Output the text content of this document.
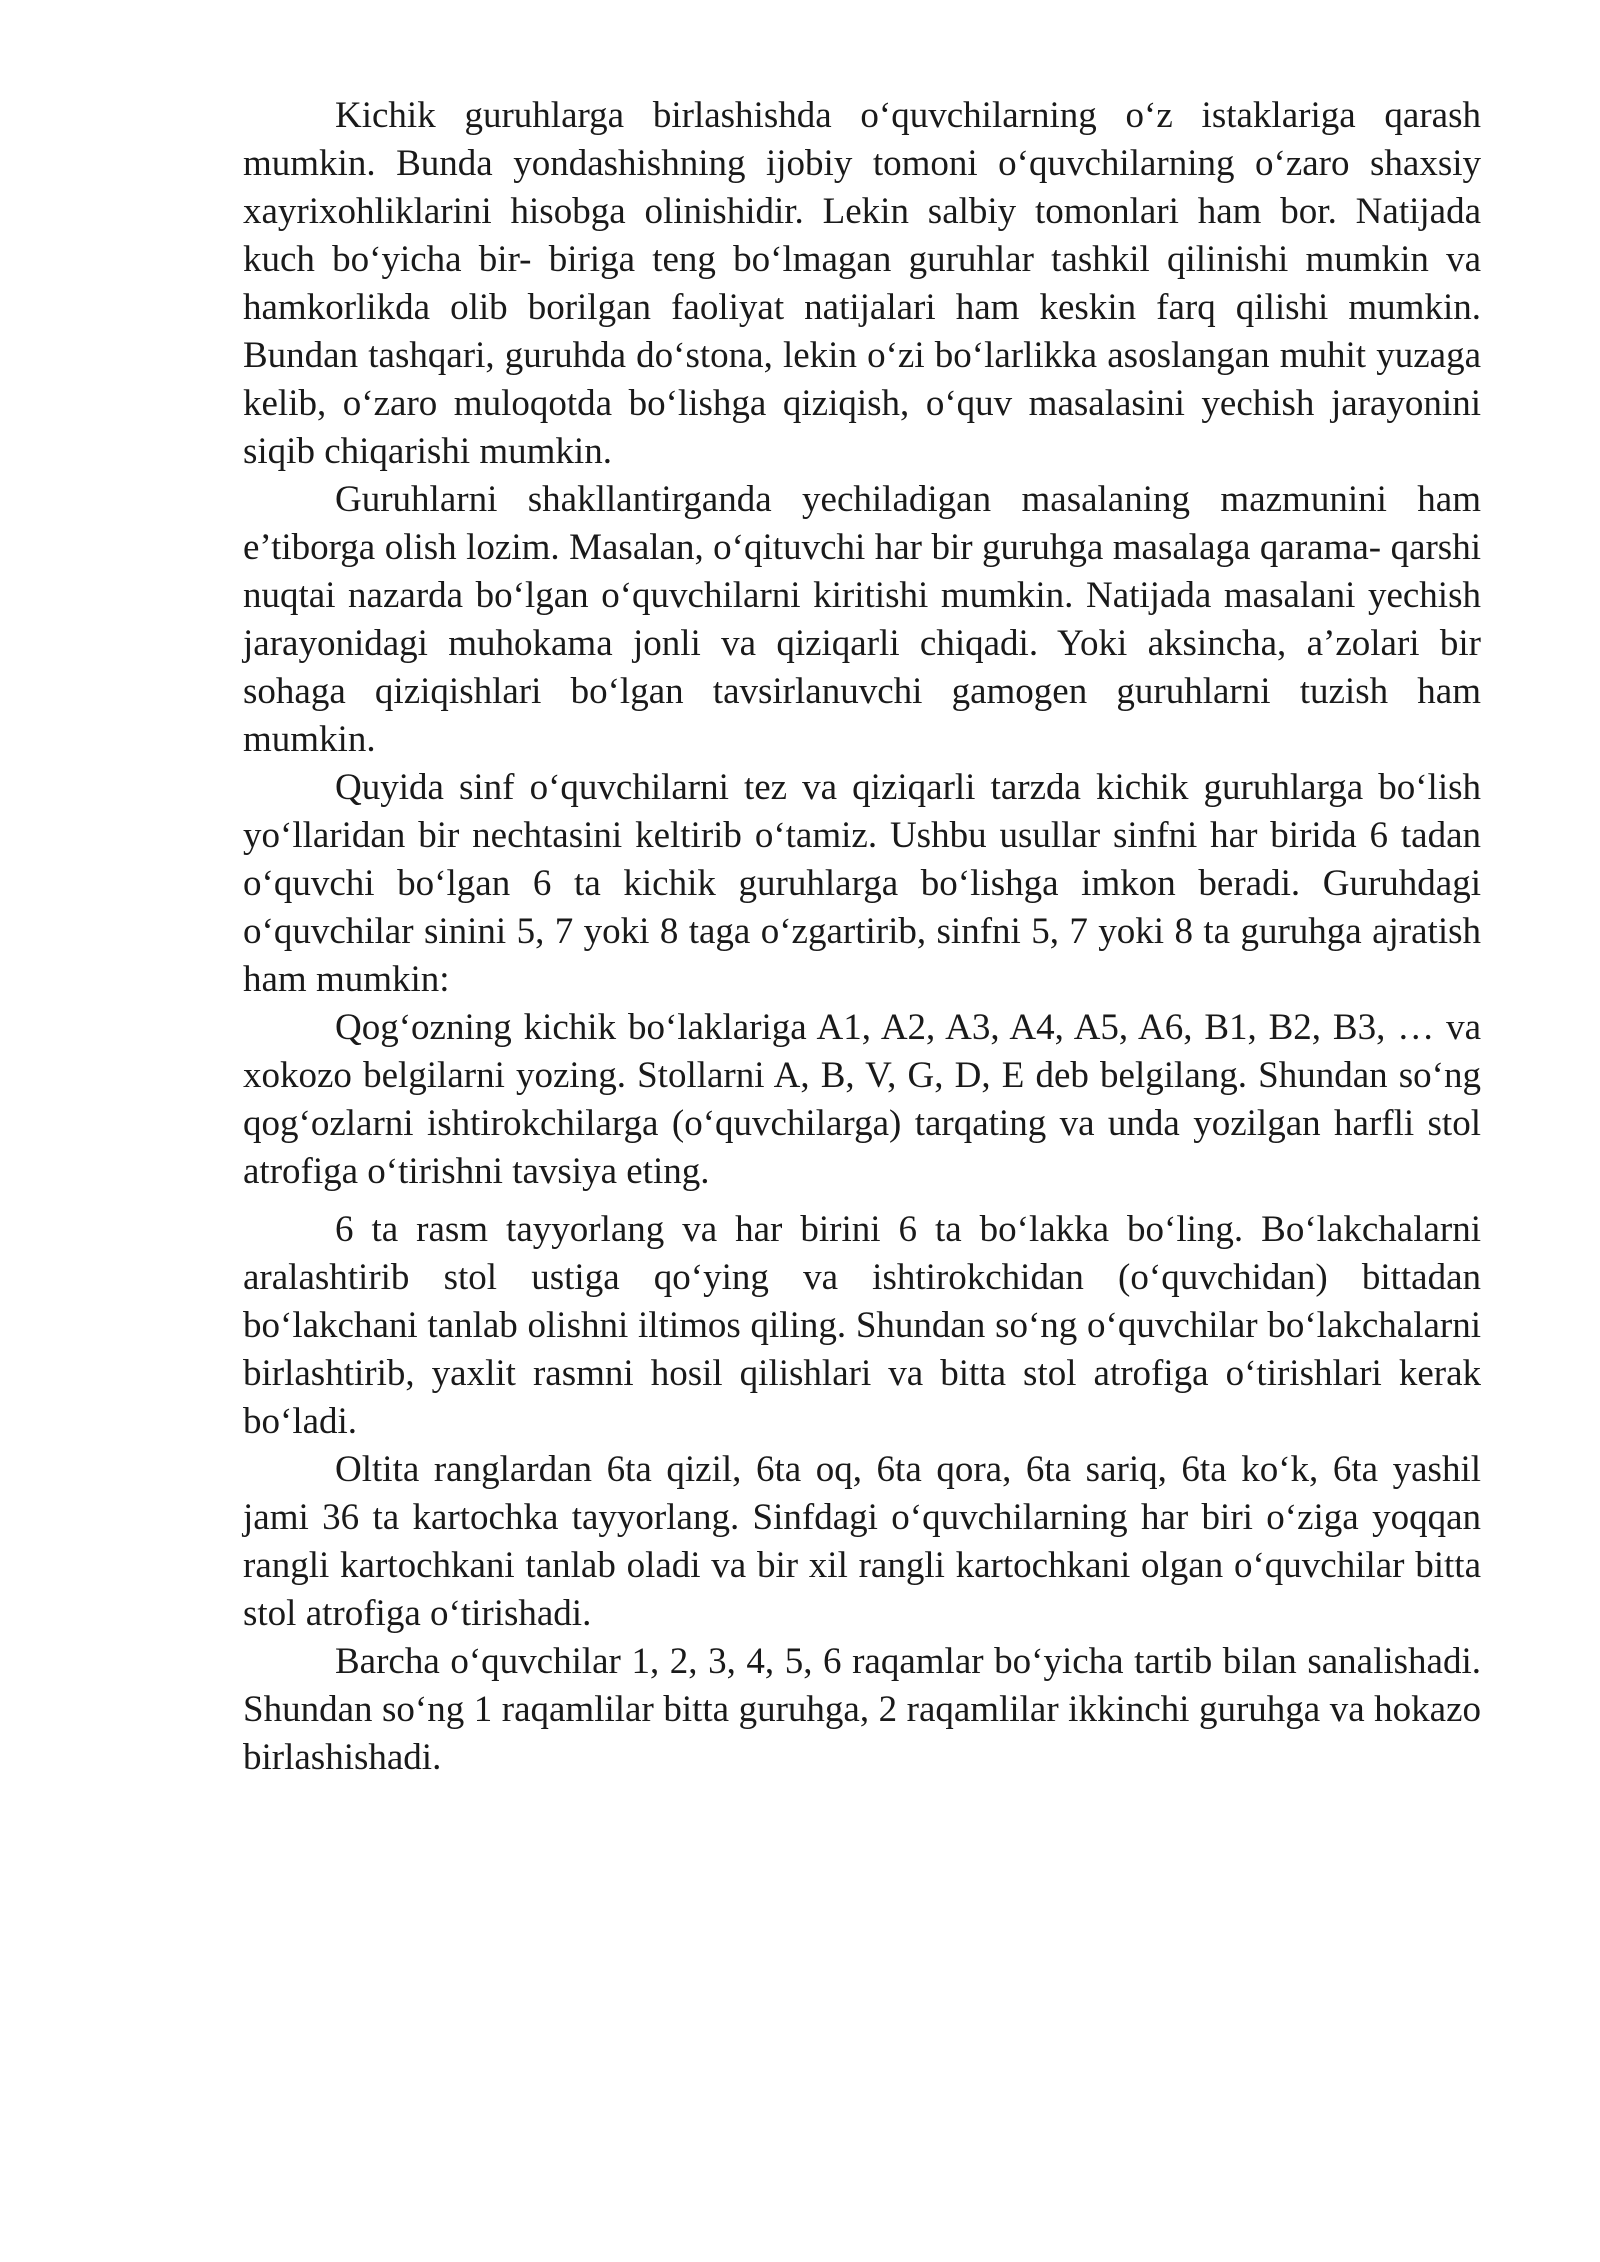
Kichik guruhlarga birlashishda o‘quvchilarning o‘z istaklariga qarash mumkin. Bunda yondashishning ijobiy tomoni o‘quvchilarning o‘zaro shaxsiy xayrixohliklarini hisobga olinishidir. Lekin salbiy tomonlari ham bor. Natijada kuch bo‘yicha bir- biriga teng bo‘lmagan guruhlar tashkil qilinishi mumkin va hamkorlikda olib borilgan faoliyat natijalari ham keskin farq qilishi mumkin. Bundan tashqari, guruhda do‘stona, lekin o‘zi bo‘larlikka asoslangan muhit yuzaga kelib, o‘zaro muloqotda bo‘lishga qiziqish, o‘quv masalasini yechish jarayonini siqib chiqarishi mumkin.

Guruhlarni shakllantirganda yechiladigan masalaning mazmunini ham e’tiborga olish lozim. Masalan, o‘qituvchi har bir guruhga masalaga qarama- qarshi nuqtai nazarda bo‘lgan o‘quvchilarni kiritishi mumkin. Natijada masalani yechish jarayonidagi muhokama jonli va qiziqarli chiqadi. Yoki aksincha, a’zolari bir sohaga qiziqishlari bo‘lgan tavsirlanuvchi gamogen guruhlarni tuzish ham mumkin.

Quyida sinf o‘quvchilarni tez va qiziqarli tarzda kichik guruhlarga bo‘lish yo‘llaridan bir nechtasini keltirib o‘tamiz. Ushbu usullar sinfni har birida 6 tadan o‘quvchi bo‘lgan 6 ta kichik guruhlarga bo‘lishga imkon beradi. Guruhdagi o‘quvchilar sinini 5, 7 yoki 8 taga o‘zgartirib, sinfni 5, 7 yoki 8 ta guruhga ajratish ham mumkin:

Qog‘ozning kichik bo‘laklariga A1, A2, A3, A4, A5, A6, B1, B2, B3, … va xokozo belgilarni yozing. Stollarni A, B, V, G, D, E deb belgilang. Shundan so‘ng qog‘ozlarni ishtirokchilarga (o‘quvchilarga) tarqating va unda yozilgan harfli stol atrofiga o‘tirishni tavsiya eting.

6 ta rasm tayyorlang va har birini 6 ta bo‘lakka bo‘ling. Bo‘lakchalarni aralashtirib stol ustiga qo‘ying va ishtirokchidan (o‘quvchidan) bittadan bo‘lakchani tanlab olishni iltimos qiling. Shundan so‘ng o‘quvchilar bo‘lakchalarni birlashtirib, yaxlit rasmni hosil qilishlari va bitta stol atrofiga o‘tirishlari kerak bo‘ladi.

Oltita ranglardan 6ta qizil, 6ta oq, 6ta qora, 6ta sariq, 6ta ko‘k, 6ta yashil jami 36 ta kartochka tayyorlang. Sinfdagi o‘quvchilarning har biri o‘ziga yoqqan rangli kartochkani tanlab oladi va bir xil rangli kartochkani olgan o‘quvchilar bitta stol atrofiga o‘tirishadi.

Barcha o‘quvchilar 1, 2, 3, 4, 5, 6 raqamlar bo‘yicha tartib bilan sanalishadi. Shundan so‘ng 1 raqamlilar bitta guruhga, 2 raqamlilar ikkinchi guruhga va hokazo birlashishadi.
